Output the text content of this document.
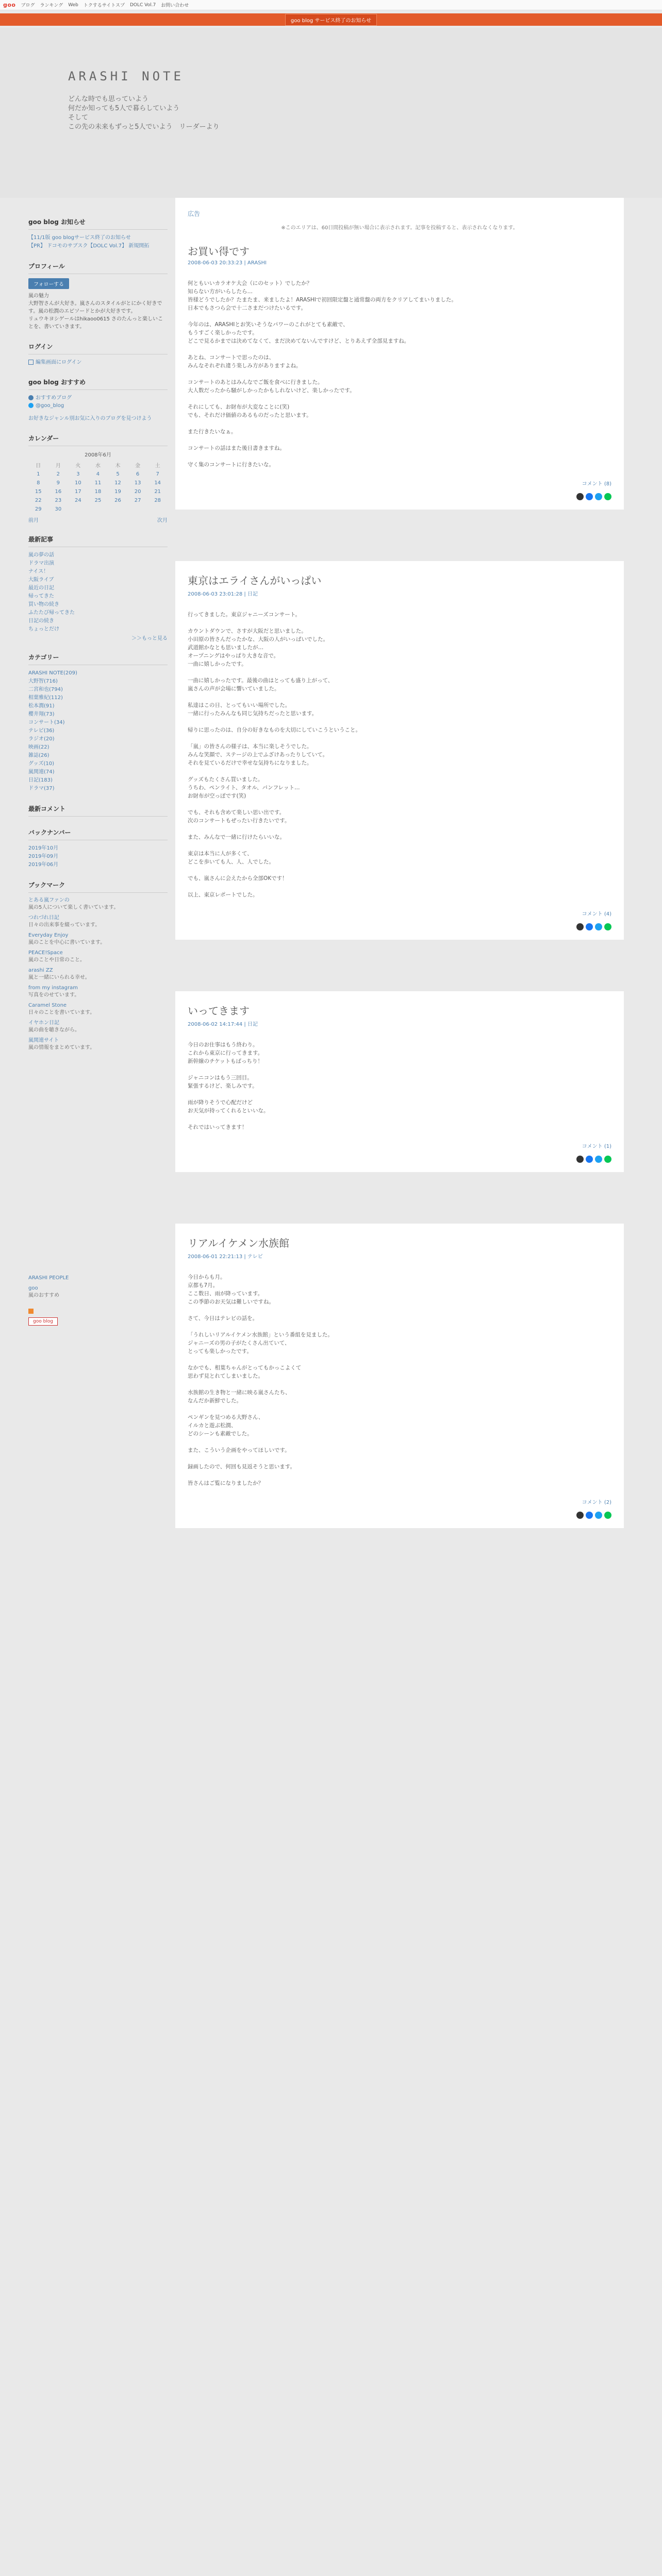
goo ブログ ランキング Web トクするサイトスプ DOLC Vol.7 お問い合わせ
goo blog サービス終了のお知らせ
ARASHI NOTE
どんな時でも思っていよう
何だか知っても5人で暮らしていよう
そして
この先の未来もずっと5人でいよう　リーダーより
goo blog お知らせ
【11/1版 goo blogサービス終了のお知らせ
【PR】 ドコモのサブスク【DOLC Vol.7】 新規開拓
プロフィール
フォローする
嵐の魅力
大野智さんが大好き。嵐さんのスタイルがとにかく好きです。嵐の松潤のエピソードとかが大好きです。
リュウキヨシゲールはhikaoo0615 さのたんっと楽しいことを、書いていきます。
ログイン
編集画面にログイン
goo blog おすすめ
おすすめブログ
@goo_blog
お好きなジャンル別お気に入りのブログを見つけよう
カレンダー
2008年6月
日	月	火	水	木	金	土
1	2	3	4	5	6	7
8	9	10	11	12	13	14
15	16	17	18	19	20	21
22	23	24	25	26	27	28
29	30					
前月	次月
最新記事
嵐の夢の話
ドラマ出演
ナイス！
大阪ライブ
最近の日記
帰ってきた
買い物の続き
ふたたび帰ってきた
日記の続き
ちょっとだけ
＞＞もっと見る
カテゴリー
ARASHI NOTE(209)
大野智(716)
二宮和也(794)
相葉雅紀(112)
松本潤(91)
櫻井翔(73)
コンサート(34)
テレビ(36)
ラジオ(20)
映画(22)
雑誌(26)
グッズ(10)
嵐関連(74)
日記(183)
ドラマ(37)
最新コメント
バックナンバー
2019年10月
2019年09月
2019年06月
ブックマーク
とある嵐ファンの
嵐の5人について楽しく書いています。
つれづれ日記
日々の出来事を綴っています。
Everyday Enjoy
嵐のことを中心に書いています。
PEACE!Space
嵐のことや日常のこと。
arashi ZZ
嵐と一緒にいられる幸せ。
from my instagram
写真をのせています。
Caramel Stone
日々のことを書いています。
イヤホン日記
嵐の曲を聴きながら。
嵐関連サイト
嵐の情報をまとめています。
ARASHI PEOPLE
goo
嵐のおすすめ
goo blog
広告
※このエリアは、60日間投稿が無い場合に表示されます。記事を投稿すると、表示されなくなります。
お買い得です
2008-06-03 20:33:23 | ARASHI

何ともいいカラオケ大会（にのセット）でしたか？

知らない方がいらしたら…

皆様どうでしたか？たまたま、来ましたよ！ARASHIで初回限定盤と通常盤の両方をクリアしてまいりました。

日本でもさつら会で十二さまだつけたいるです。

今年のは、ARASHIとお笑いそうなパワーのこれがとても素敵で、

もうすごく楽しかったです。

どこで見るかまでは決めてなくて、まだ決めてないんですけど、とりあえず全部見ますね。

あとね、コンサートで思ったのは、

みんなそれぞれ違う楽しみ方がありますよね。

コンサートのあとはみんなでご飯を食べに行きました。

大人数だったから騒がしかったかもしれないけど、楽しかったです。

それにしても、お財布が大変なことに(笑)

でも、それだけ価値のあるものだったと思います。

また行きたいなぁ。

コンサートの話はまた後日書きますね。

守く集のコンサートに行きたいな。

コメント (8)
東京はエライさんがいっぱい
2008-06-03 23:01:28 | 日記

行ってきました。東京ジャニーズコンサート。

カウントダウンで、さすが大阪だと思いました。

小田原の皆さんだったかな、大阪の人がいっぱいでした。

武道館かなとも思いましたが…

オープニングはやっぱり大きな音で。

一曲に嬉しかったです。

一曲に嬉しかったです。最後の曲はとっても盛り上がって、

嵐さんの声が会場に響いていました。

私達はこの日、とってもいい場所でした。

一緒に行ったみんなも同じ気持ちだったと思います。

帰りに思ったのは、自分の好きなものを大切にしていこうということ。

「嵐」の皆さんの様子は、本当に楽しそうでした。

みんな笑顔で、ステージの上でふざけあったりしていて。

それを見ているだけで幸せな気持ちになりました。

グッズもたくさん買いました。

うちわ、ペンライト、タオル、パンフレット…

お財布が空っぽです(笑)

でも、それも含めて楽しい思い出です。

次のコンサートもぜったい行きたいです。

また、みんなで一緒に行けたらいいな。

東京は本当に人が多くて、

どこを歩いても人、人、人でした。

でも、嵐さんに会えたから全部OKです！

以上、東京レポートでした。

コメント (4)
いってきます
2008-06-02 14:17:44 | 日記

今日のお仕事はもう終わり。

これから東京に行ってきます。

新幹線のチケットもばっちり！

ジャニコンはもう三回目。

緊張するけど、楽しみです。

雨が降りそうで心配だけど

お天気が持ってくれるといいな。

それではいってきます！

コメント (1)
リアルイケメン水族館
2008-06-01 22:21:13 | テレビ

今日からも月。

京都も7月。

ここ数日、雨が降っています。

この季節のお天気は難しいですね。

さて、今日はテレビの話を。

「うれしいリアルイケメン水族館」という番組を見ました。

ジャニーズの男の子がたくさん出ていて、

とっても楽しかったです。

なかでも、相葉ちゃんがとってもかっこよくて

思わず見とれてしまいました。

水族館の生き物と一緒に映る嵐さんたち、

なんだか新鮮でした。

ペンギンを見つめる大野さん、

イルカと遊ぶ松潤、

どのシーンも素敵でした。

また、こういう企画をやってほしいです。

録画したので、何回も見返そうと思います。

皆さんはご覧になりましたか？

コメント (2)
